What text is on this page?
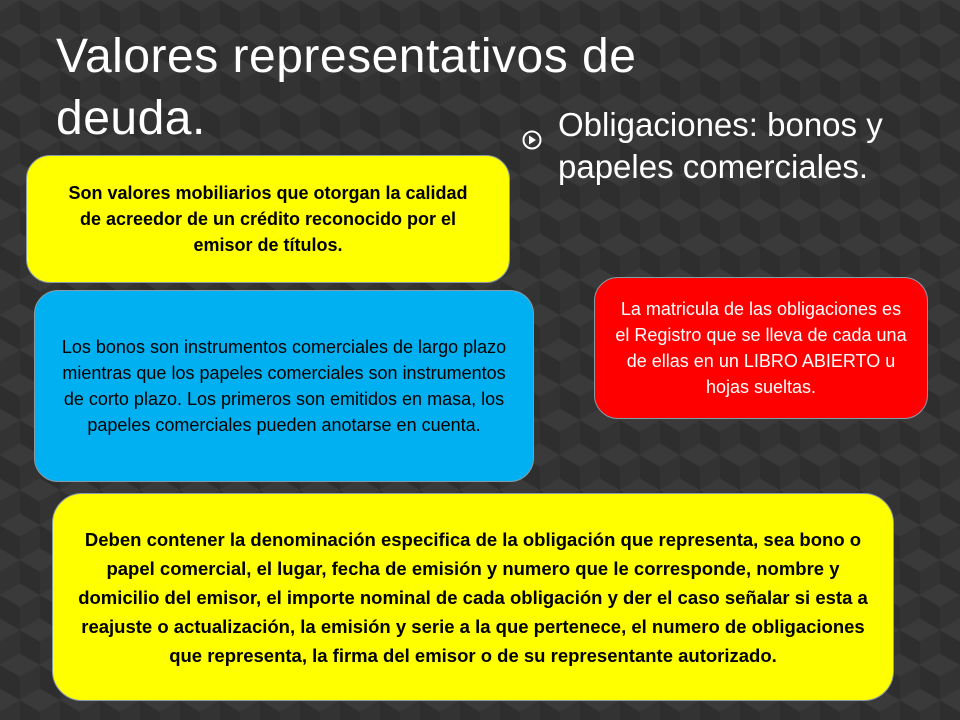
Valores representativos de deuda.	Obligaciones: bonos y papeles comerciales.
Son valores mobiliarios que otorgan la calidad de acreedor de un crédito reconocido por el emisor de títulos.
Los bonos son instrumentos comerciales de largo plazo mientras que los papeles comerciales son instrumentos de corto plazo. Los primeros son emitidos en masa, los papeles comerciales pueden anotarse en cuenta.
La matricula de las obligaciones es el Registro que se lleva de cada una de ellas en un LIBRO ABIERTO u hojas sueltas.
Deben contener la denominación especifica de la obligación que representa, sea bono o papel comercial, el lugar, fecha de emisión y numero que le corresponde, nombre y domicilio del emisor, el importe nominal de cada obligación y der el caso señalar si esta a reajuste o actualización, la emisión y serie a la que pertenece, el numero de obligaciones que representa, la firma del emisor o de su representante autorizado.
